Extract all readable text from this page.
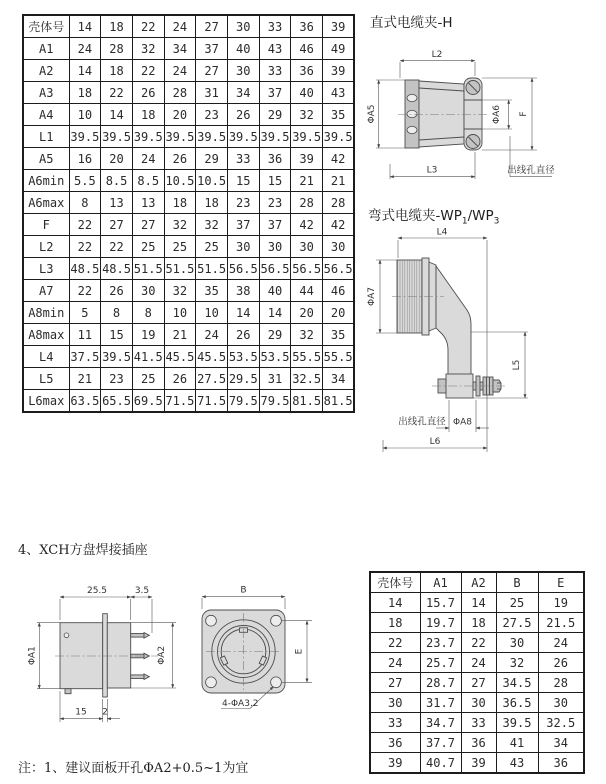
壳体号	14	18	22	24	27	30	33	36	39
A1	24	28	32	34	37	40	43	46	49
A2	14	18	22	24	27	30	33	36	39
A3	18	22	26	28	31	34	37	40	43
A4	10	14	18	20	23	26	29	32	35
L1	39.5	39.5	39.5	39.5	39.5	39.5	39.5	39.5	39.5
A5	16	20	24	26	29	33	36	39	42
A6min	5.5	8.5	8.5	10.5	10.5	15	15	21	21
A6max	8	13	13	18	18	23	23	28	28
F	22	27	27	32	32	37	37	42	42
L2	22	22	25	25	25	30	30	30	30
L3	48.5	48.5	51.5	51.5	51.5	56.5	56.5	56.5	56.5
A7	22	26	30	32	35	38	40	44	46
A8min	5	8	8	10	10	14	14	20	20
A8max	11	15	19	21	24	26	29	32	35
L4	37.5	39.5	41.5	45.5	45.5	53.5	53.5	55.5	55.5
L5	21	23	25	26	27.5	29.5	31	32.5	34
L6max	63.5	65.5	69.5	71.5	71.5	79.5	79.5	81.5	81.5
直式电缆夹-H
L2
ΦA5	ΦA6 F
L3	出线孔直径
弯式电缆夹$-WP_1/WP_3$
L4
ΦA7
L5
ΦA8
出线孔直径
L6
4、XCH方盘焊接插座
25.5	3.5
ΦA1	ΦA2
15 2
B
E
4-ΦA3.2
壳体号	A1	A2	B	E
14	15.7	14	25	19
18	19.7	18	27.5	21.5
22	23.7	22	30	24
24	25.7	24	32	26
27	28.7	27	34.5	28
30	31.7	30	36.5	30
33	34.7	33	39.5	32.5
36	37.7	36	41	34
39	40.7	39	43	36
注：1、建议面板开孔ΦA2+0.5~1为宜
